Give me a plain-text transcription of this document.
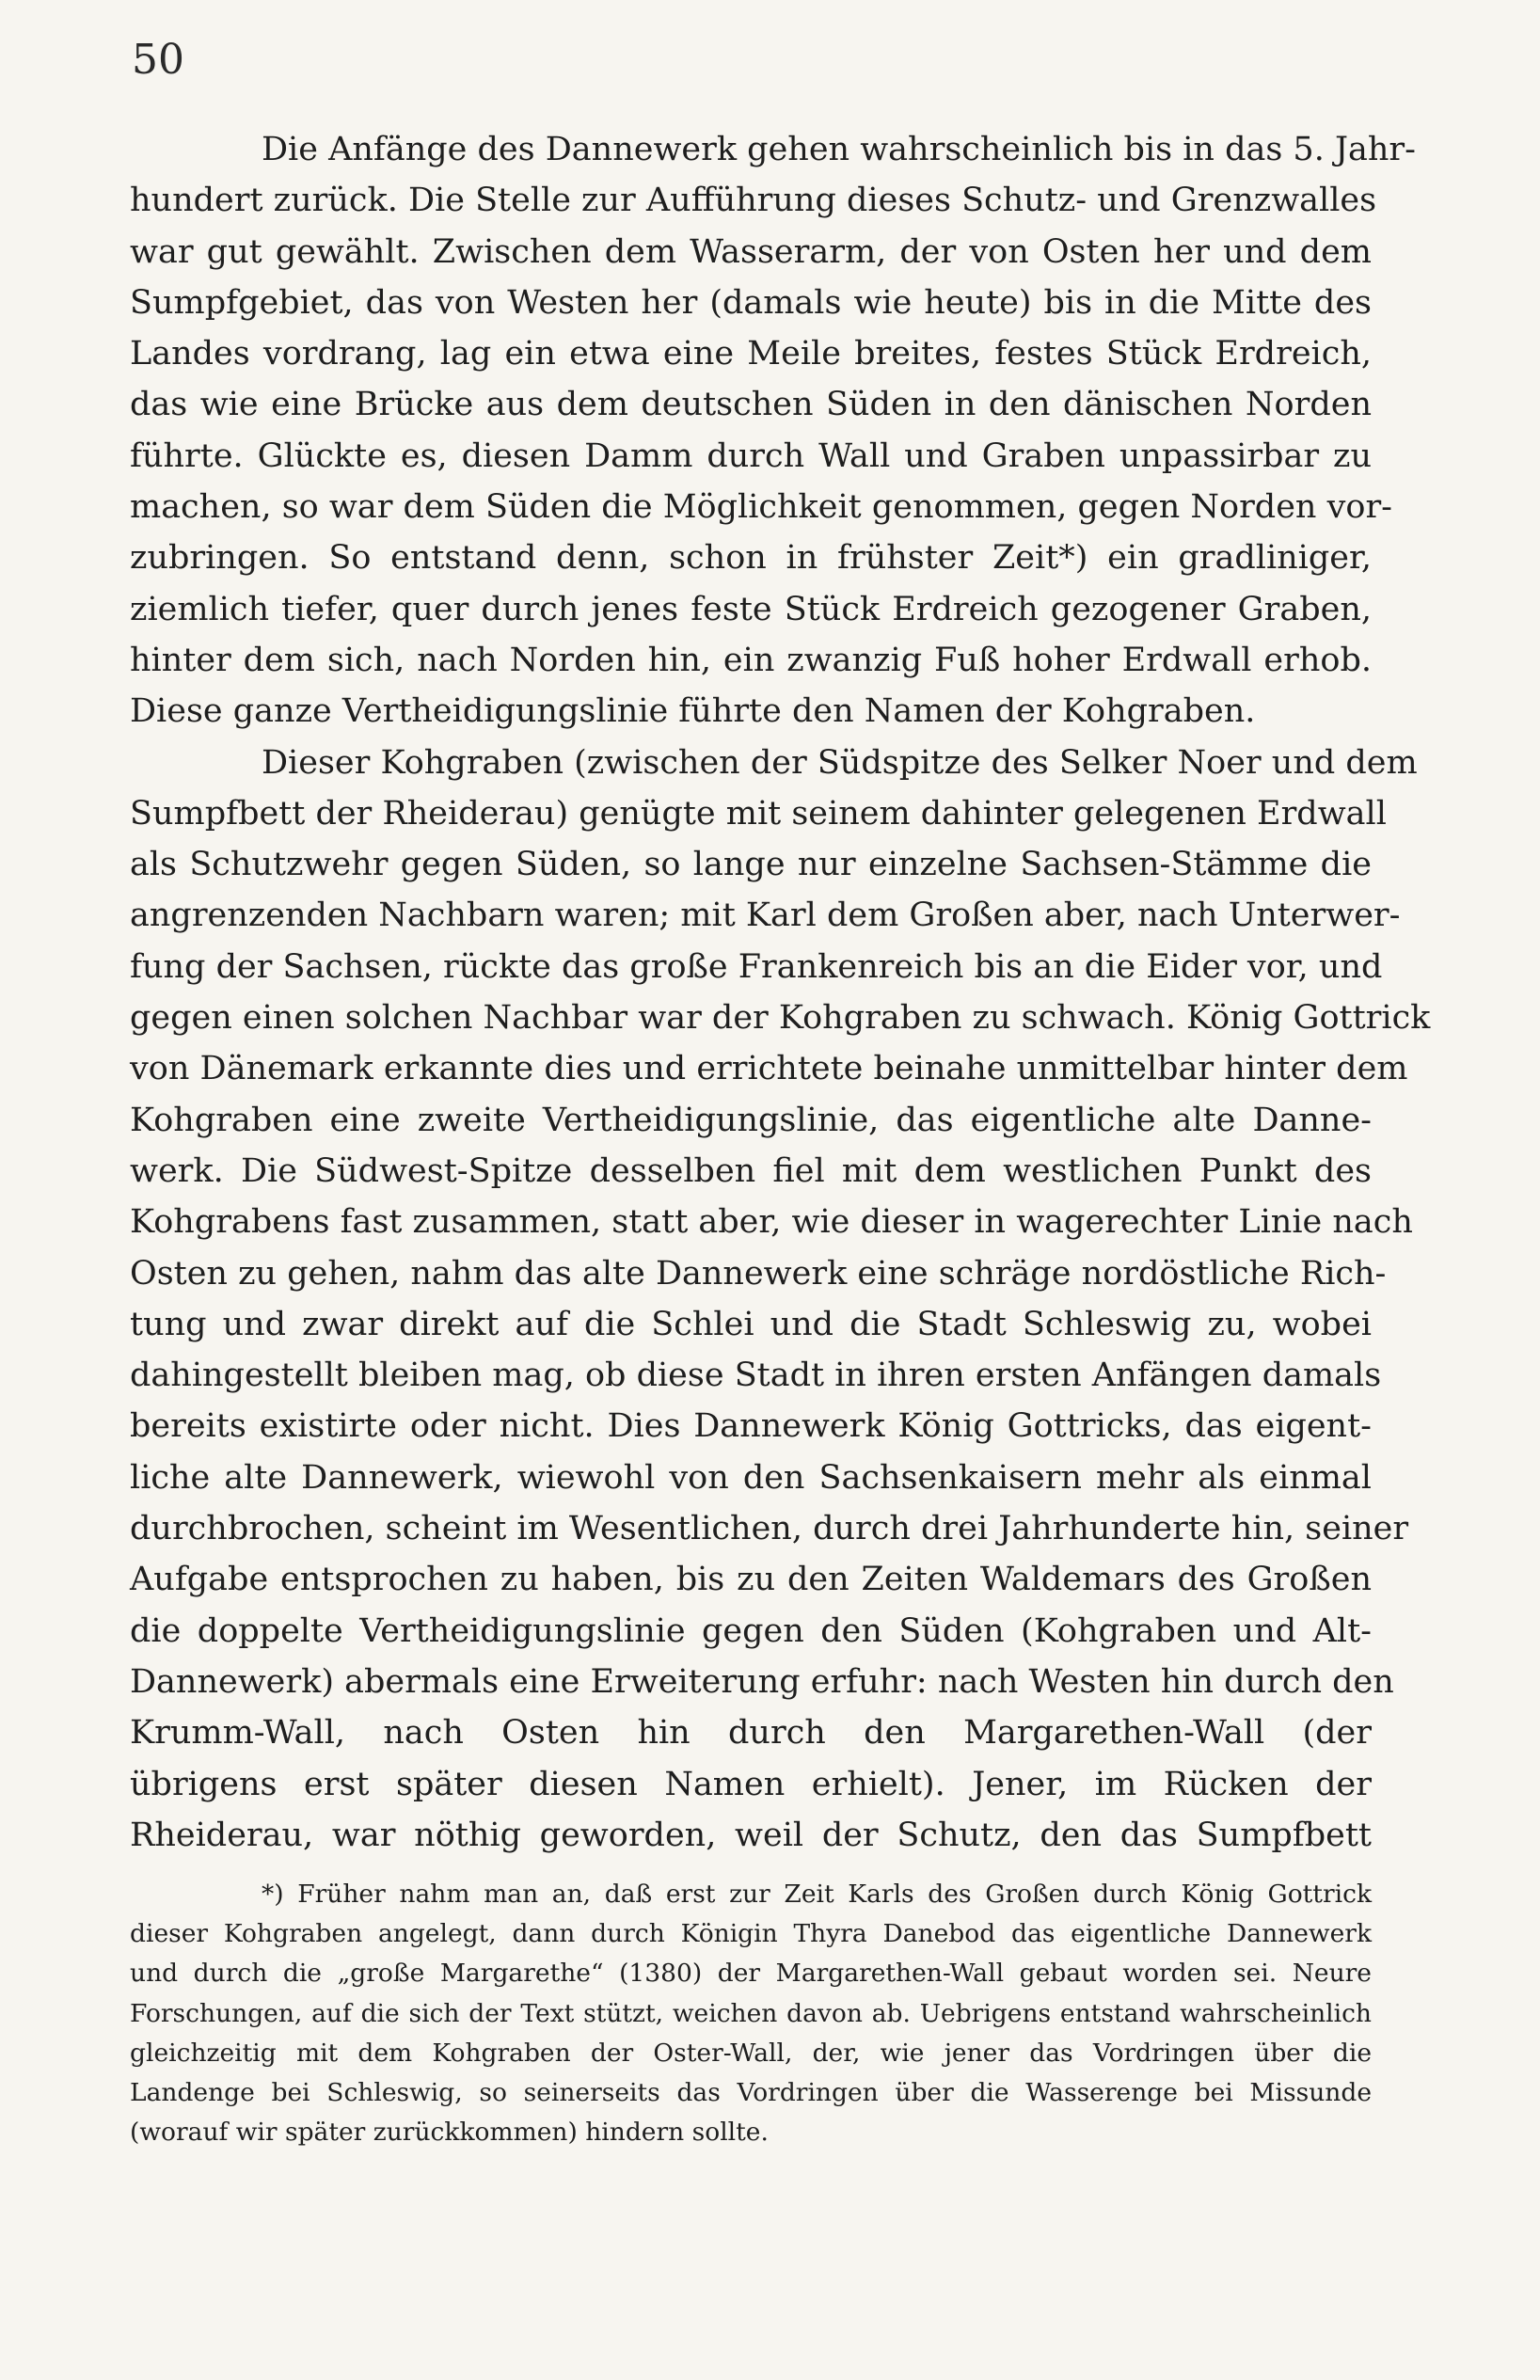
50
Die Anfänge des Dannewerk gehen wahrscheinlich bis in das 5. Jahr-
hundert zurück. Die Stelle zur Aufführung dieses Schutz- und Grenzwalles
war gut gewählt. Zwischen dem Wasserarm, der von Osten her und dem
Sumpfgebiet, das von Westen her (damals wie heute) bis in die Mitte des
Landes vordrang, lag ein etwa eine Meile breites, festes Stück Erdreich,
das wie eine Brücke aus dem deutschen Süden in den dänischen Norden
führte. Glückte es, diesen Damm durch Wall und Graben unpassirbar zu
machen, so war dem Süden die Möglichkeit genommen, gegen Norden vor-
zubringen. So entstand denn, schon in frühster Zeit*) ein gradliniger,
ziemlich tiefer, quer durch jenes feste Stück Erdreich gezogener Graben,
hinter dem sich, nach Norden hin, ein zwanzig Fuß hoher Erdwall erhob.
Diese ganze Vertheidigungslinie führte den Namen der Kohgraben.
Dieser Kohgraben (zwischen der Südspitze des Selker Noer und dem
Sumpfbett der Rheiderau) genügte mit seinem dahinter gelegenen Erdwall
als Schutzwehr gegen Süden, so lange nur einzelne Sachsen-Stämme die
angrenzenden Nachbarn waren; mit Karl dem Großen aber, nach Unterwer-
fung der Sachsen, rückte das große Frankenreich bis an die Eider vor, und
gegen einen solchen Nachbar war der Kohgraben zu schwach. König Gottrick
von Dänemark erkannte dies und errichtete beinahe unmittelbar hinter dem
Kohgraben eine zweite Vertheidigungslinie, das eigentliche alte Danne-
werk. Die Südwest-Spitze desselben fiel mit dem westlichen Punkt des
Kohgrabens fast zusammen, statt aber, wie dieser in wagerechter Linie nach
Osten zu gehen, nahm das alte Dannewerk eine schräge nordöstliche Rich-
tung und zwar direkt auf die Schlei und die Stadt Schleswig zu, wobei
dahingestellt bleiben mag, ob diese Stadt in ihren ersten Anfängen damals
bereits existirte oder nicht. Dies Dannewerk König Gottricks, das eigent-
liche alte Dannewerk, wiewohl von den Sachsenkaisern mehr als einmal
durchbrochen, scheint im Wesentlichen, durch drei Jahrhunderte hin, seiner
Aufgabe entsprochen zu haben, bis zu den Zeiten Waldemars des Großen
die doppelte Vertheidigungslinie gegen den Süden (Kohgraben und Alt-
Dannewerk) abermals eine Erweiterung erfuhr: nach Westen hin durch den
Krumm-Wall, nach Osten hin durch den Margarethen-Wall (der
übrigens erst später diesen Namen erhielt). Jener, im Rücken der
Rheiderau, war nöthig geworden, weil der Schutz, den das Sumpfbett
*) Früher nahm man an, daß erst zur Zeit Karls des Großen durch König Gottrick
dieser Kohgraben angelegt, dann durch Königin Thyra Danebod das eigentliche Dannewerk
und durch die „große Margarethe“ (1380) der Margarethen-Wall gebaut worden sei. Neure
Forschungen, auf die sich der Text stützt, weichen davon ab. Uebrigens entstand wahrscheinlich
gleichzeitig mit dem Kohgraben der Oster-Wall, der, wie jener das Vordringen über die
Landenge bei Schleswig, so seinerseits das Vordringen über die Wasserenge bei Missunde
(worauf wir später zurückkommen) hindern sollte.
